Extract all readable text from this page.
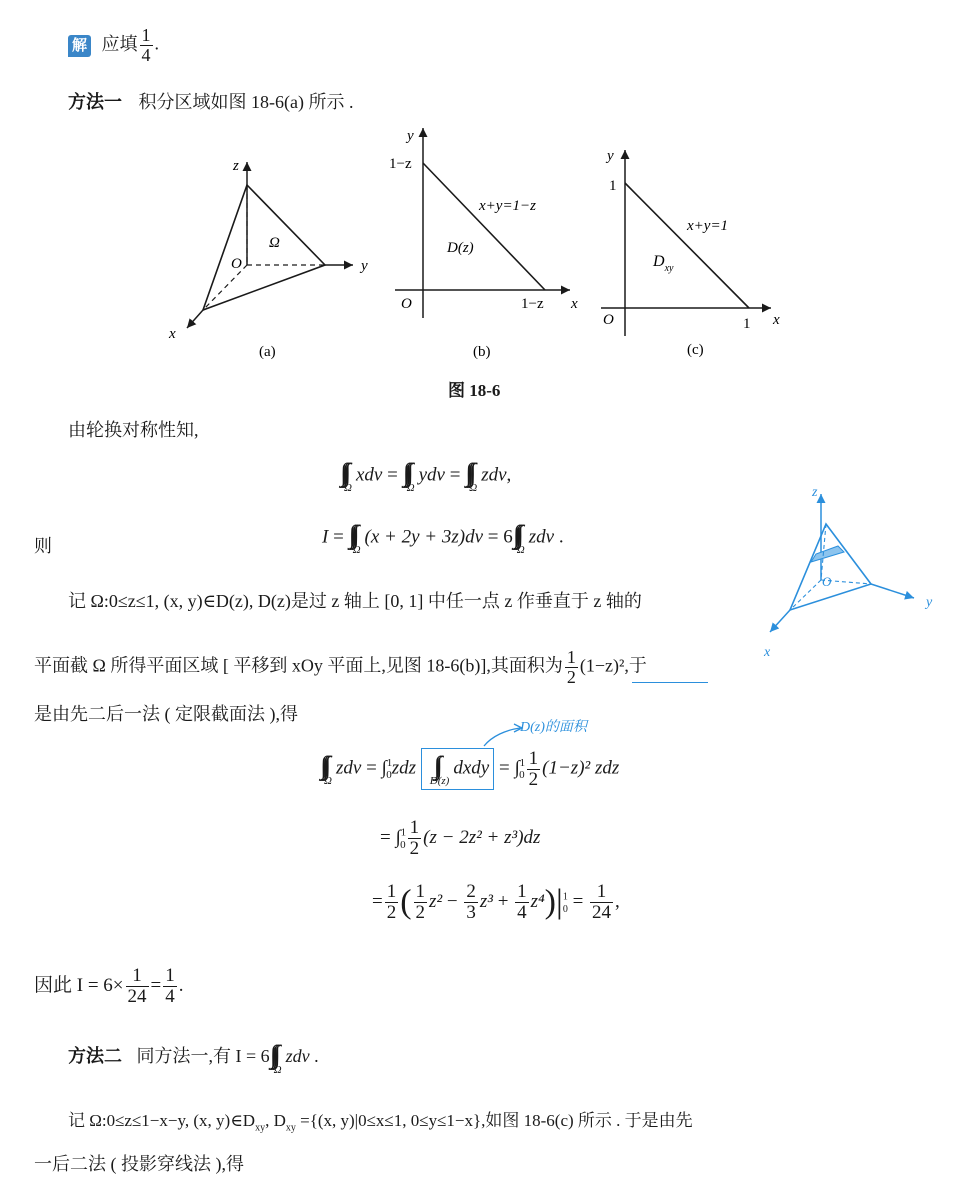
解 应填 $\frac{1}{4}$ .
方法一 积分区域如图 18-6(a) 所示 .
z
y
x
O
Ω
(a)
y
1−z
x+y=1−z
D(z)
O	1−z x
(b)
y
1
x+y=1
$D_{xy}$
O	1 x
(c)
图 18-6
由轮换对称性知,
Ω
xdv =
Ω
ydv =
Ω
zdv,
则	I =
Ω
(x + 2y + 3z)dv = 6
Ω
zdv .
记 Ω:0≤z≤1, (x, y)∈D(z), D(z)是过 z 轴上 [0, 1] 中任一点 z 作垂直于 z 轴的
平面截 Ω 所得平面区域 [ 平移到 xOy 平面上,见图 18-6(b)],其面积为 $\frac{1}{2} (1-z)^2$,于
是由先二后一法 ( 定限截面法 ),得
z
y
x
O
D(z)的面积
Ω
zdv = ∫$^1_0$zdz
D(z)
dxdy = $\int^1_0 \frac{1}{2} (1-z)^2$ zdz
= $\int^1_0 \frac{1}{2} (z - 2z^2 + z^3)dz$
= $\frac{1}{2}$ ( $\frac{1}{2} z^2 - \frac{2}{3} z^3 + \frac{1}{4} z^4)|^1_0 = \frac{1}{24}$ ,
因此 $I = 6\times \frac{1}{24} = \frac{1}{4}$ .
方法二 同方法一,有 I = 6
Ω
zdv .
记 Ω:0≤z≤1−x−y, (x, $y)\in D_{xy}$, $D_{xy} =\{(x$, y)|0≤x≤1, 0≤y≤1−x},如图 18-6(c) 所示 . 于是由先
一后二法 ( 投影穿线法 ),得
